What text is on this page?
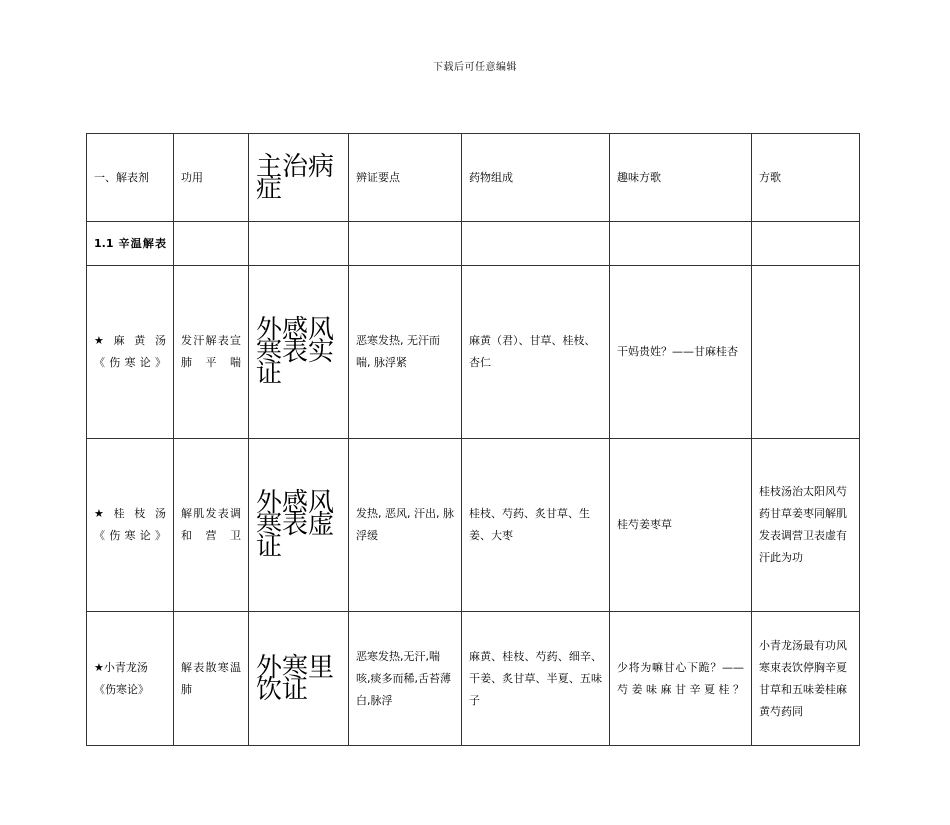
下载后可任意编辑
一、解表剂	功用	主治病症	辨证要点	药物组成	趣味方歌	方歌
1.1 辛温解表						
★ 麻 黄 汤《伤寒论》	发汗解表宣肺平喘	外感风寒表实证	恶寒发热, 无汗而喘, 脉浮紧	麻黄（君）、甘草、桂枝、杏仁	干妈贵姓？——甘麻桂杏	
★ 桂 枝 汤《伤寒论》	解肌发表调和营卫	外感风寒表虚证	发热, 恶风, 汗出, 脉浮缓	桂枝、芍药、炙甘草、生姜、大枣	桂芍姜枣草	桂枝汤治太阳风芍药甘草姜枣同解肌发表调营卫表虚有汗此为功
★小青龙汤《伤寒论》	解表散寒温肺	外寒里饮证	恶寒发热,无汗,喘咳,痰多而稀,舌苔薄白,脉浮	麻黄、桂枝、芍药、细辛、干姜、炙甘草、半夏、五味子	少将为嘛甘心下跪？——芍姜味麻甘辛夏桂？	小青龙汤最有功风寒束表饮停胸辛夏甘草和五味姜桂麻黄芍药同
